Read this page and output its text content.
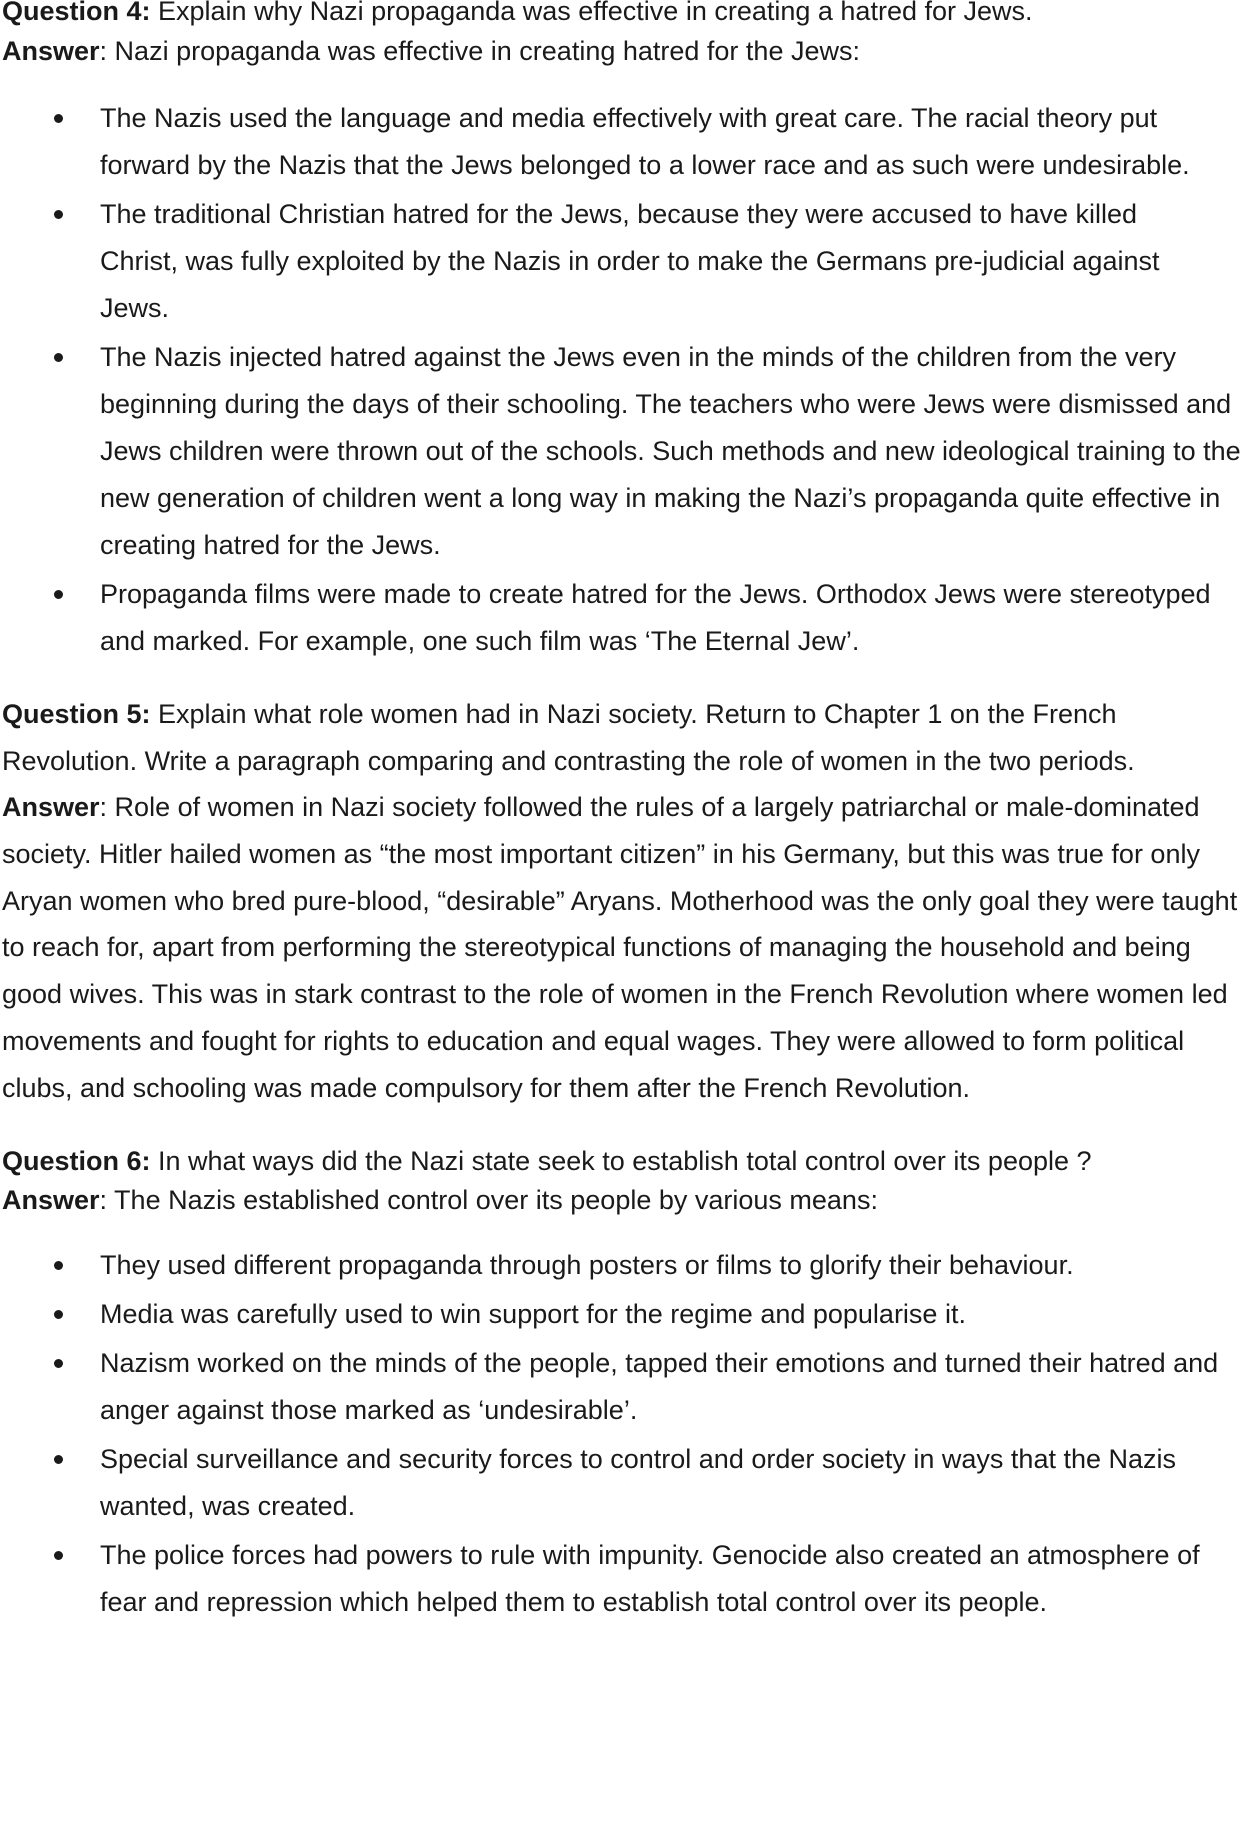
Question 4: Explain why Nazi propaganda was effective in creating a hatred for Jews.

Answer: Nazi propaganda was effective in creating hatred for the Jews:

The Nazis used the language and media effectively with great care. The racial theory put forward by the Nazis that the Jews belonged to a lower race and as such were undesirable.
The traditional Christian hatred for the Jews, because they were accused to have killed Christ, was fully exploited by the Nazis in order to make the Germans pre-judicial against Jews.
The Nazis injected hatred against the Jews even in the minds of the children from the very beginning during the days of their schooling. The teachers who were Jews were dismissed and Jews children were thrown out of the schools. Such methods and new ideological training to the new generation of children went a long way in making the Nazi’s propaganda quite effective in creating hatred for the Jews.
Propaganda films were made to create hatred for the Jews. Orthodox Jews were stereotyped and marked. For example, one such film was ‘The Eternal Jew’.

Question 5: Explain what role women had in Nazi society. Return to Chapter 1 on the French Revolution. Write a paragraph comparing and contrasting the role of women in the two periods.

Answer: Role of women in Nazi society followed the rules of a largely patriarchal or male-dominated society. Hitler hailed women as “the most important citizen” in his Germany, but this was true for only Aryan women who bred pure-blood, “desirable” Aryans. Motherhood was the only goal they were taught to reach for, apart from performing the stereotypical functions of managing the household and being good wives. This was in stark contrast to the role of women in the French Revolution where women led movements and fought for rights to education and equal wages. They were allowed to form political clubs, and schooling was made compulsory for them after the French Revolution.

Question 6: In what ways did the Nazi state seek to establish total control over its people ?

Answer: The Nazis established control over its people by various means:

They used different propaganda through posters or films to glorify their behaviour.
Media was carefully used to win support for the regime and popularise it.
Nazism worked on the minds of the people, tapped their emotions and turned their hatred and anger against those marked as ‘undesirable’.
Special surveillance and security forces to control and order society in ways that the Nazis wanted, was created.
The police forces had powers to rule with impunity. Genocide also created an atmosphere of fear and repression which helped them to establish total control over its people.
